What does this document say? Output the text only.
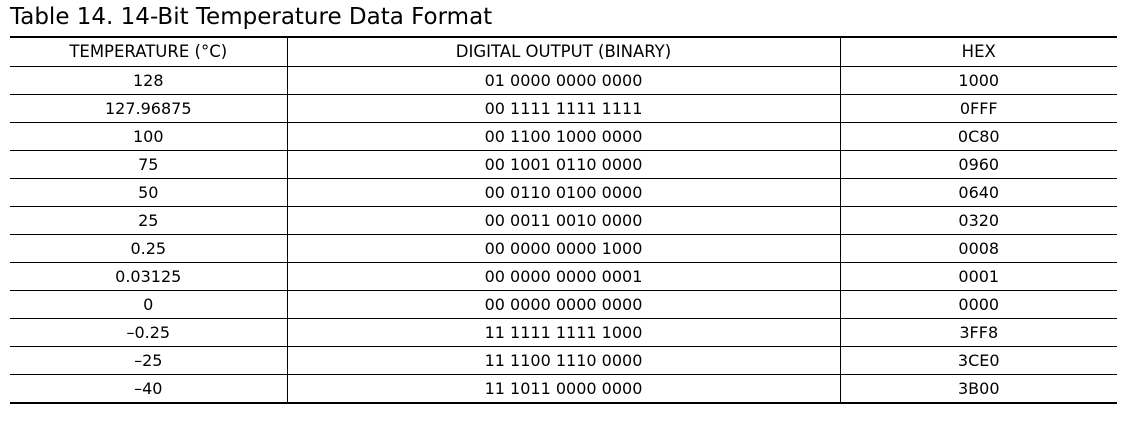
Table 14. 14-Bit Temperature Data Format
TEMPERATURE (°C)	DIGITAL OUTPUT (BINARY)	HEX
128	01 0000 0000 0000	1000
127.96875	00 1111 1111 1111	0FFF
100	00 1100 1000 0000	0C80
75	00 1001 0110 0000	0960
50	00 0110 0100 0000	0640
25	00 0011 0010 0000	0320
0.25	00 0000 0000 1000	0008
0.03125	00 0000 0000 0001	0001
0	00 0000 0000 0000	0000
–0.25	11 1111 1111 1000	3FF8
–25	11 1100 1110 0000	3CE0
–40	11 1011 0000 0000	3B00
